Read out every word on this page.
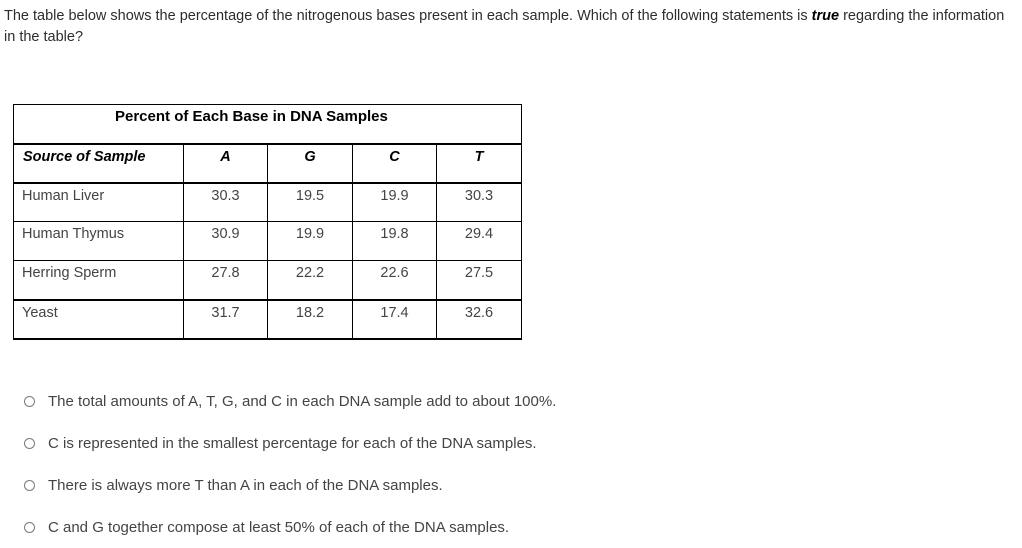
The table below shows the percentage of the nitrogenous bases present in each sample. Which of the following statements is true regarding the information in the table?
Percent of Each Base in DNA Samples				
Source of Sample	A	G	C	T
Human Liver	30.3	19.5	19.9	30.3
Human Thymus	30.9	19.9	19.8	29.4
Herring Sperm	27.8	22.2	22.6	27.5
Yeast	31.7	18.2	17.4	32.6
The total amounts of A, T, G, and C in each DNA sample add to about 100%.
C is represented in the smallest percentage for each of the DNA samples.
There is always more T than A in each of the DNA samples.
C and G together compose at least 50% of each of the DNA samples.
